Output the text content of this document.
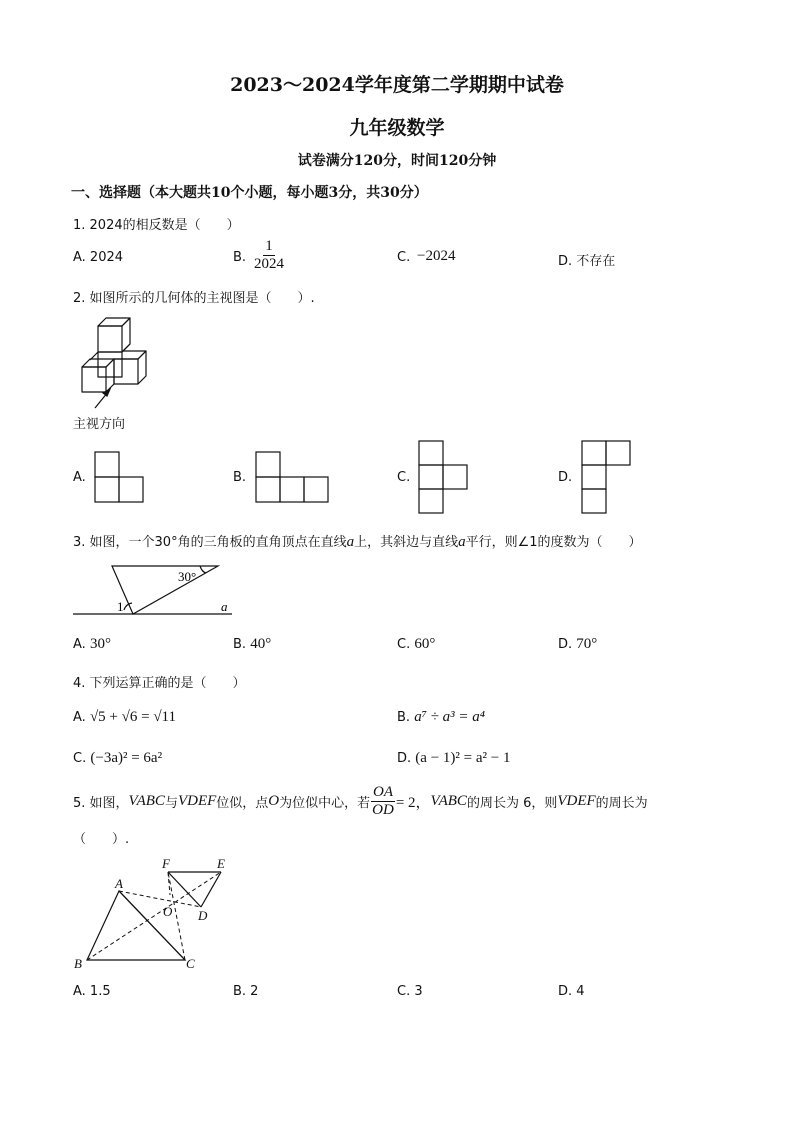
2023～2024学年度第二学期期中试卷
九年级数学
试卷满分120分，时间120分钟
一、选择题（本大题共10个小题，每小题3分，共30分）
1. 2024的相反数是（　　）
A. 2024	B. $\frac{1}{2024}$	C. −2024	D. 不存在
2. 如图所示的几何体的主视图是（　　）.
主视方向
A.	B.	C.	D.
3. 如图，一个30°角的三角板的直角顶点在直线a上，其斜边与直线a平行，则∠1的度数为（　　）
30°
1	a
A. 30°	B. 40°	C. 60°	D. 70°
4. 下列运算正确的是（　　）
A. √5 + √6 = √11	B. a⁷ ÷ a³ = a⁴
C. (−3a)² = 6a²	D. (a − 1)² = a² − 1
5. 如图， VABC 与 VDEF 位似，点 O 为位似中心，若 $\frac{OA}{OD} = 2$， VABC 的周长为 6，则 VDEF 的周长为
（　　）.
A
B	C
D
E
F
O
A. 1.5	B. 2	C. 3	D. 4
